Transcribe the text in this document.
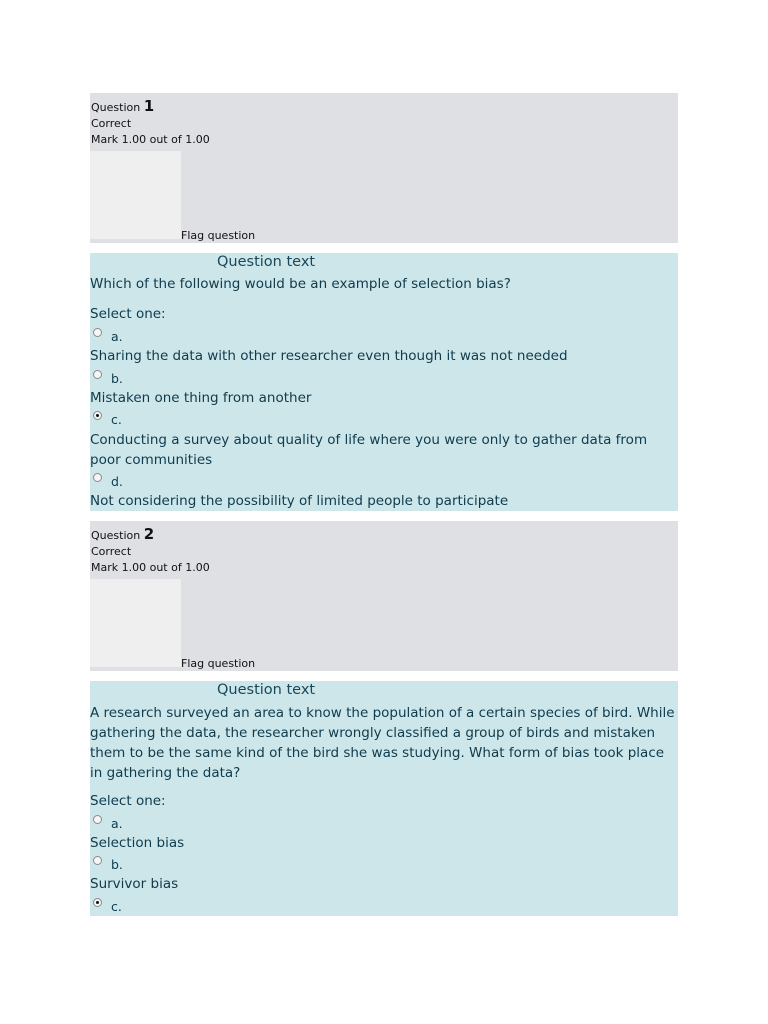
Question 1
Correct
Mark 1.00 out of 1.00
Flag question
Question text
Which of the following would be an example of selection bias?
Select one:
a.
Sharing the data with other researcher even though it was not needed
b.
Mistaken one thing from another
c.
Conducting a survey about quality of life where you were only to gather data from poor communities
d.
Not considering the possibility of limited people to participate
Question 2
Correct
Mark 1.00 out of 1.00
Flag question
Question text
A research surveyed an area to know the population of a certain species of bird. While gathering the data, the researcher wrongly classified a group of birds and mistaken them to be the same kind of the bird she was studying. What form of bias took place in gathering the data?
Select one:
a.
Selection bias
b.
Survivor bias
c.
